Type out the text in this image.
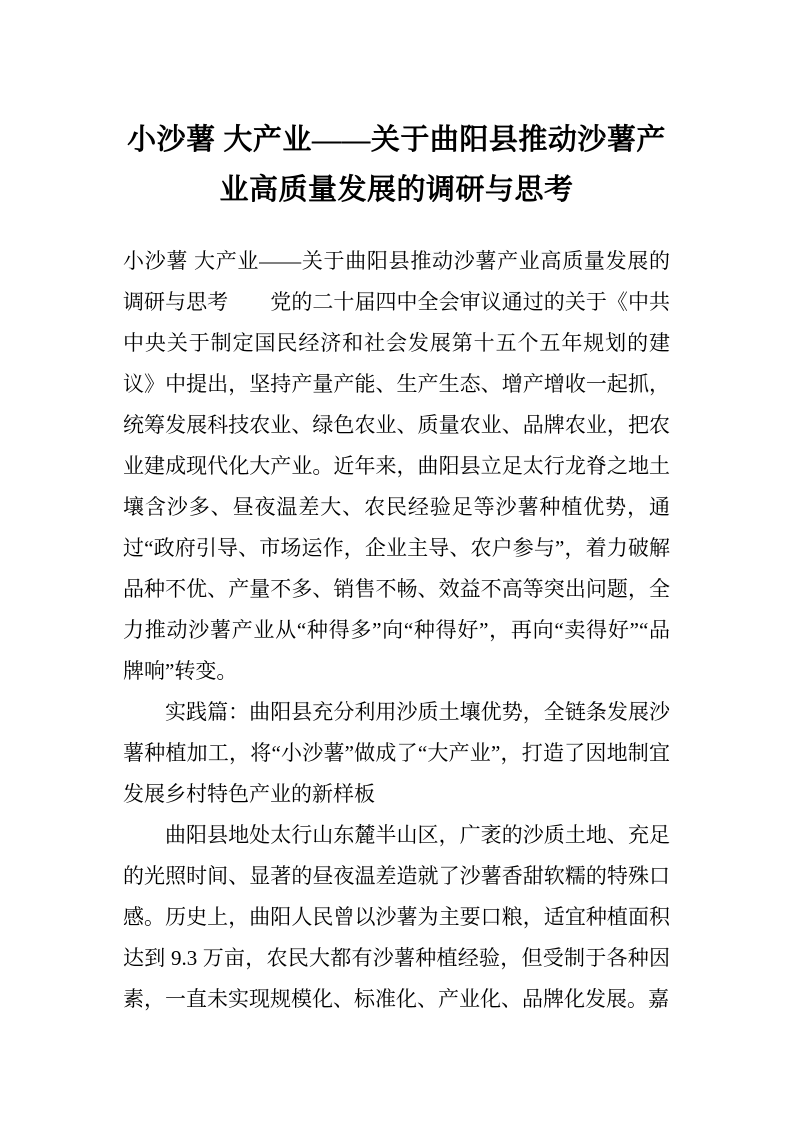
小沙薯 大产业——关于曲阳县推动沙薯产
业高质量发展的调研与思考

小沙薯 大产业——关于曲阳县推动沙薯产业高质量发展的调研与思考　　党的二十届四中全会审议通过的关于《中共中央关于制定国民经济和社会发展第十五个五年规划的建议》中提出，坚持产量产能、生产生态、增产增收一起抓，统筹发展科技农业、绿色农业、质量农业、品牌农业，把农业建成现代化大产业。近年来，曲阳县立足太行龙脊之地土壤含沙多、昼夜温差大、农民经验足等沙薯种植优势，通过“政府引导、市场运作，企业主导、农户参与”，着力破解品种不优、产量不多、销售不畅、效益不高等突出问题，全力推动沙薯产业从“种得多”向“种得好”，再向“卖得好”“品牌响”转变。

实践篇：曲阳县充分利用沙质土壤优势，全链条发展沙薯种植加工，将“小沙薯”做成了“大产业”，打造了因地制宜发展乡村特色产业的新样板

曲阳县地处太行山东麓半山区，广袤的沙质土地、充足的光照时间、显著的昼夜温差造就了沙薯香甜软糯的特殊口感。历史上，曲阳人民曾以沙薯为主要口粮，适宜种植面积达到 9.3 万亩，农民大都有沙薯种植经验，但受制于各种因素，一直未实现规模化、标准化、产业化、品牌化发展。嘉
